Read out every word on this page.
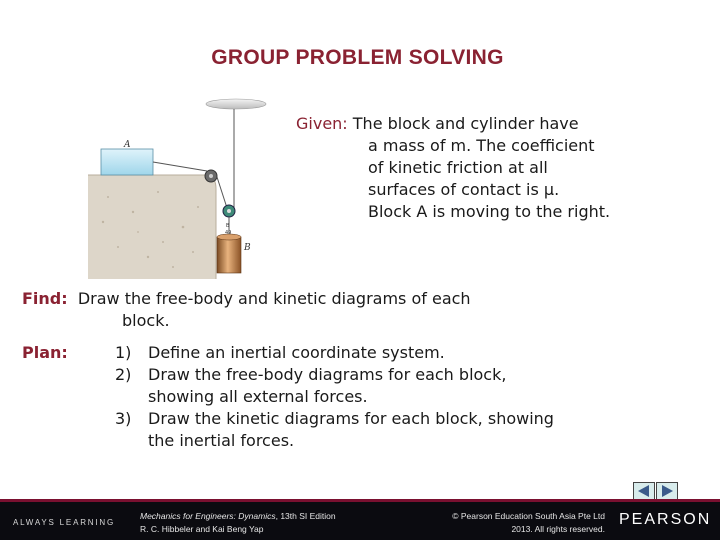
GROUP PROBLEM SOLVING
A
B
B
49
Given: The block and cylinder have
a mass of m. The coefficient
of kinetic friction at all
surfaces of contact is μ.
Block A is moving to the right.
Find: Draw the free-body and kinetic diagrams of each
block.
Plan:	1) Define an inertial coordinate system.
2) Draw the free-body diagrams for each block,
showing all external forces.
3) Draw the kinetic diagrams for each block, showing
the inertial forces.
ALWAYS LEARNING
Mechanics for Engineers: Dynamics, 13th SI Edition
R. C. Hibbeler and Kai Beng Yap
© Pearson Education South Asia Pte Ltd
2013. All rights reserved.
PEARSON
